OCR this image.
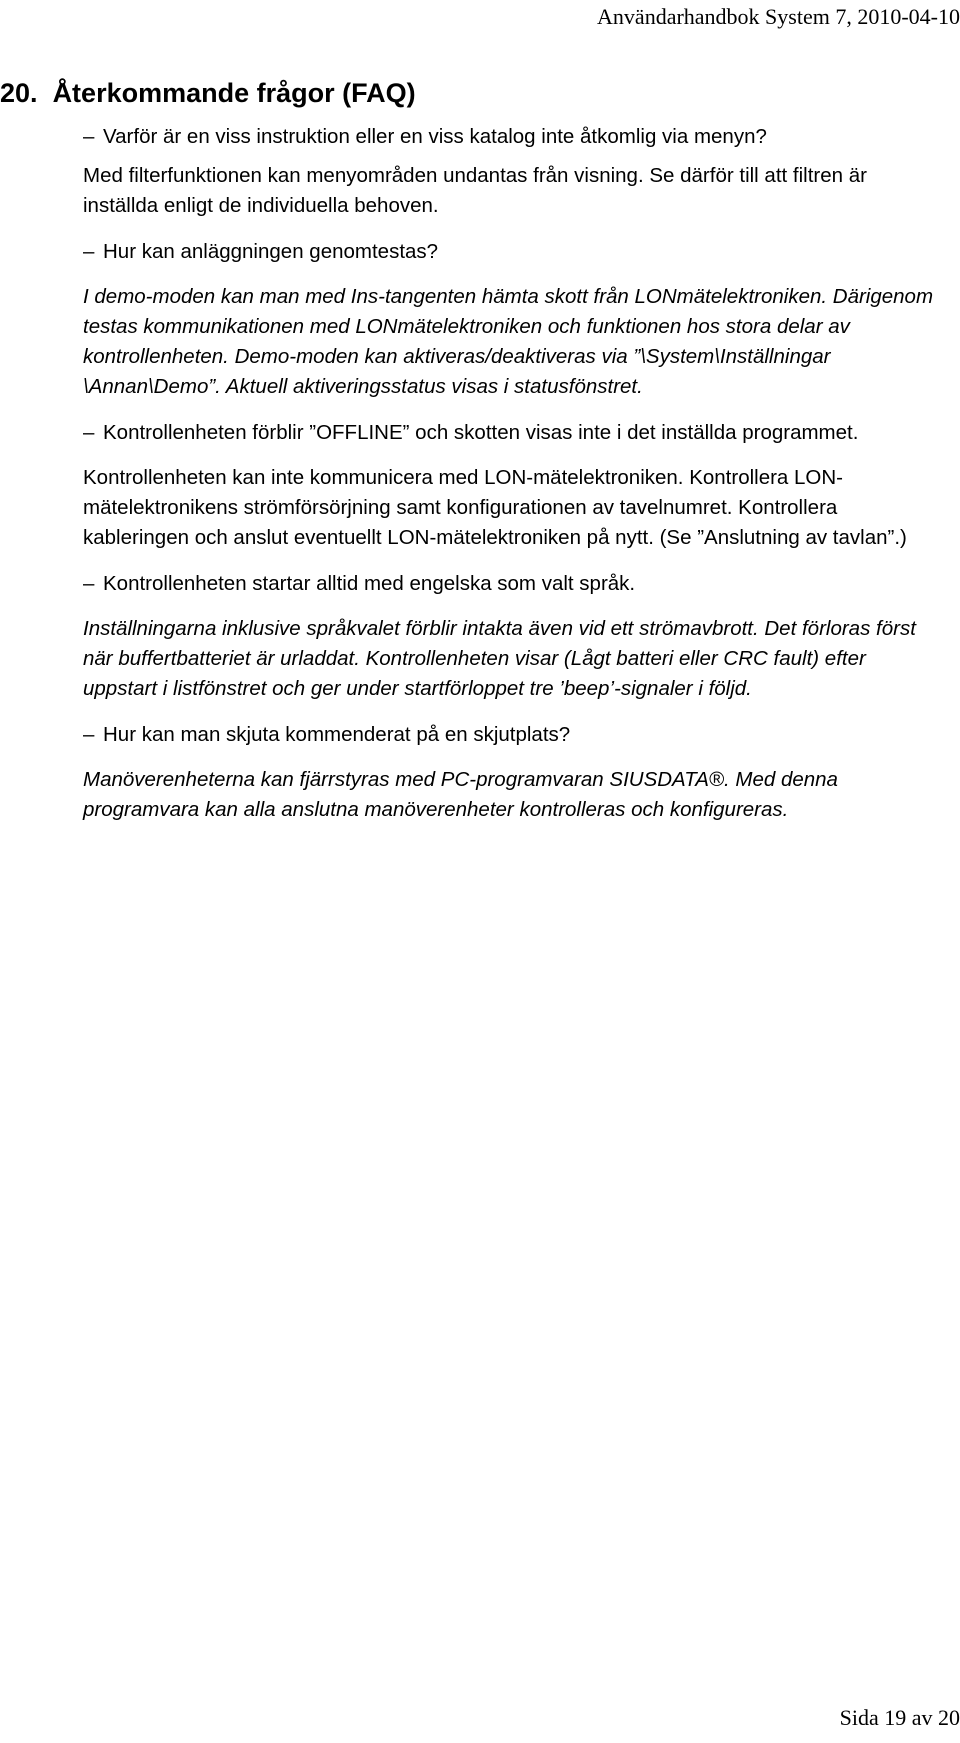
Användarhandbok System 7, 2010-04-10
20. Återkommande frågor (FAQ)

– Varför är en viss instruktion eller en viss katalog inte åtkomlig via menyn?

Med filterfunktionen kan menyområden undantas från visning. Se därför till att filtren är inställda enligt de individuella behoven.

– Hur kan anläggningen genomtestas?

I demo-moden kan man med Ins-tangenten hämta skott från LONmätelektroniken. Därigenom testas kommunikationen med LONmätelektroniken och funktionen hos stora delar av kontrollenheten. Demo-moden kan aktiveras/deaktiveras via ”\System\Inställningar \Annan\Demo”. Aktuell aktiveringsstatus visas i statusfönstret.

– Kontrollenheten förblir ”OFFLINE” och skotten visas inte i det inställda programmet.

Kontrollenheten kan inte kommunicera med LON-mätelektroniken. Kontrollera LON-mätelektronikens strömförsörjning samt konfigurationen av tavelnumret. Kontrollera kableringen och anslut eventuellt LON-mätelektroniken på nytt. (Se ”Anslutning av tavlan”.)

– Kontrollenheten startar alltid med engelska som valt språk.

Inställningarna inklusive språkvalet förblir intakta även vid ett strömavbrott. Det förloras först när buffertbatteriet är urladdat. Kontrollenheten visar (Lågt batteri eller CRC fault) efter uppstart i listfönstret och ger under startförloppet tre ’beep’-signaler i följd.

– Hur kan man skjuta kommenderat på en skjutplats?

Manöverenheterna kan fjärrstyras med PC-programvaran SIUSDATA®. Med denna programvara kan alla anslutna manöverenheter kontrolleras och konfigureras.

Sida 19 av 20
